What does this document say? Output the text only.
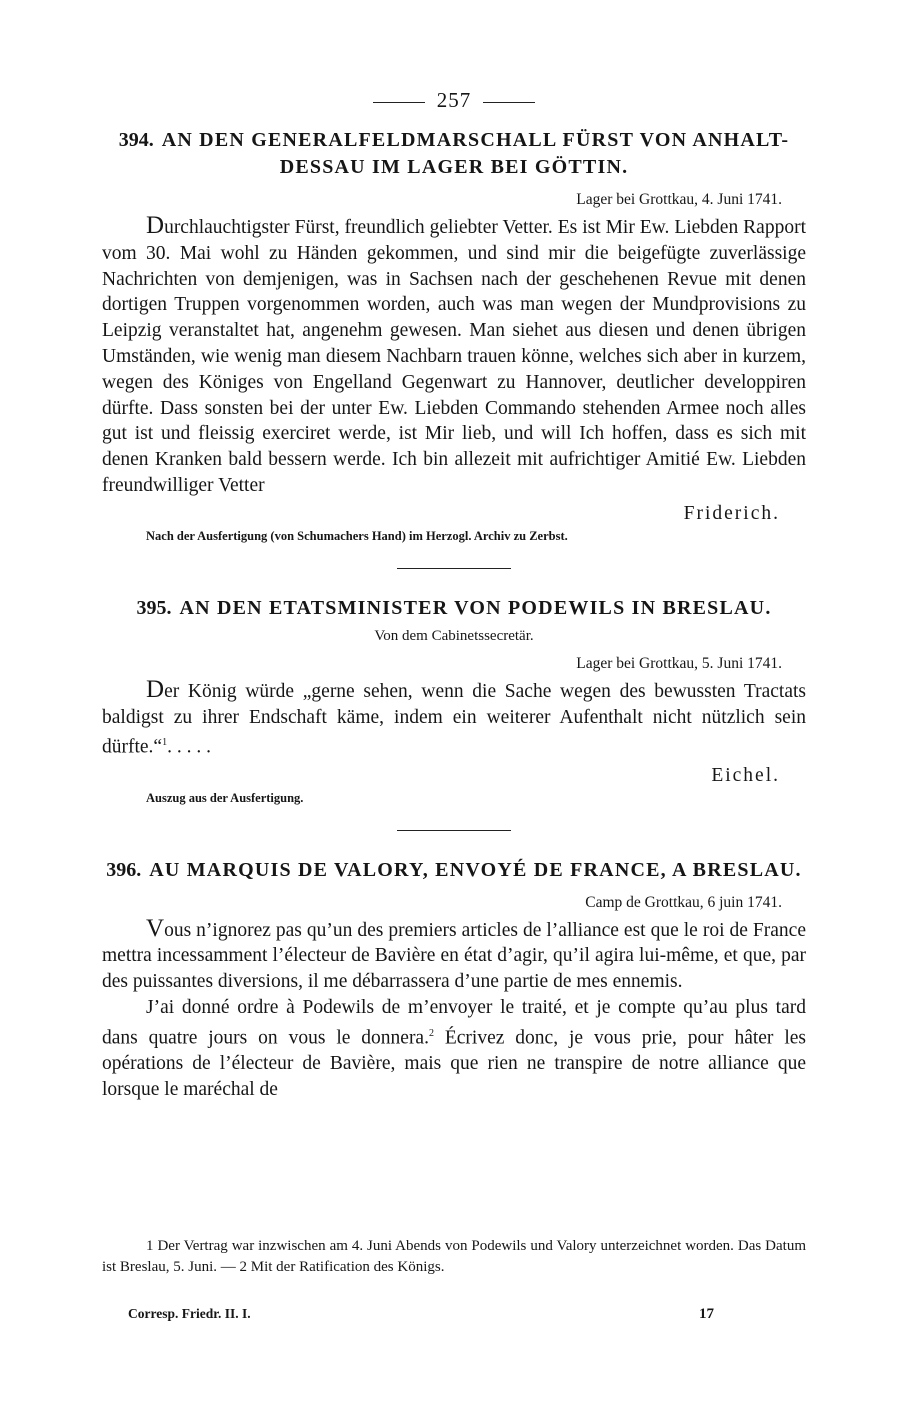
257
394. AN DEN GENERALFELDMARSCHALL FÜRST VON ANHALT-DESSAU IM LAGER BEI GÖTTIN.
Lager bei Grottkau, 4. Juni 1741.

Durchlauchtigster Fürst, freundlich geliebter Vetter. Es ist Mir Ew. Liebden Rapport vom 30. Mai wohl zu Händen gekommen, und sind mir die beigefügte zuverlässige Nachrichten von demjenigen, was in Sachsen nach der geschehenen Revue mit denen dortigen Truppen vorgenommen worden, auch was man wegen der Mundprovisions zu Leipzig veranstaltet hat, angenehm gewesen. Man siehet aus diesen und denen übrigen Umständen, wie wenig man diesem Nachbarn trauen könne, welches sich aber in kurzem, wegen des Königes von Engelland Gegenwart zu Hannover, deutlicher developpiren dürfte. Dass sonsten bei der unter Ew. Liebden Commando stehenden Armee noch alles gut ist und fleissig exerciret werde, ist Mir lieb, und will Ich hoffen, dass es sich mit denen Kranken bald bessern werde. Ich bin allezeit mit aufrichtiger Amitié Ew. Liebden freundwilliger Vetter

Friderich.
Nach der Ausfertigung (von Schumachers Hand) im Herzogl. Archiv zu Zerbst.
395. AN DEN ETATSMINISTER VON PODEWILS IN BRESLAU.
Von dem Cabinetssecretär.
Lager bei Grottkau, 5. Juni 1741.

Der König würde „gerne sehen, wenn die Sache wegen des bewussten Tractats baldigst zu ihrer Endschaft käme, indem ein weiterer Aufenthalt nicht nützlich sein dürfte.“$^1$. . . . .

Eichel.
Auszug aus der Ausfertigung.
396. AU MARQUIS DE VALORY, ENVOYÉ DE FRANCE, A BRESLAU.
Camp de Grottkau, 6 juin 1741.

Vous n’ignorez pas qu’un des premiers articles de l’alliance est que le roi de France mettra incessamment l’électeur de Bavière en état d’agir, qu’il agira lui-même, et que, par des puissantes diversions, il me débarrassera d’une partie de mes ennemis.

J’ai donné ordre à Podewils de m’envoyer le traité, et je compte qu’au plus tard dans quatre jours on vous le donnera.$^2$ Écrivez donc, je vous prie, pour hâter les opérations de l’électeur de Bavière, mais que rien ne transpire de notre alliance que lorsque le maréchal de

1 Der Vertrag war inzwischen am 4. Juni Abends von Podewils und Valory unterzeichnet worden. Das Datum ist Breslau, 5. Juni. — 2 Mit der Ratification des Königs.

Corresp. Friedr. II. I.	17
